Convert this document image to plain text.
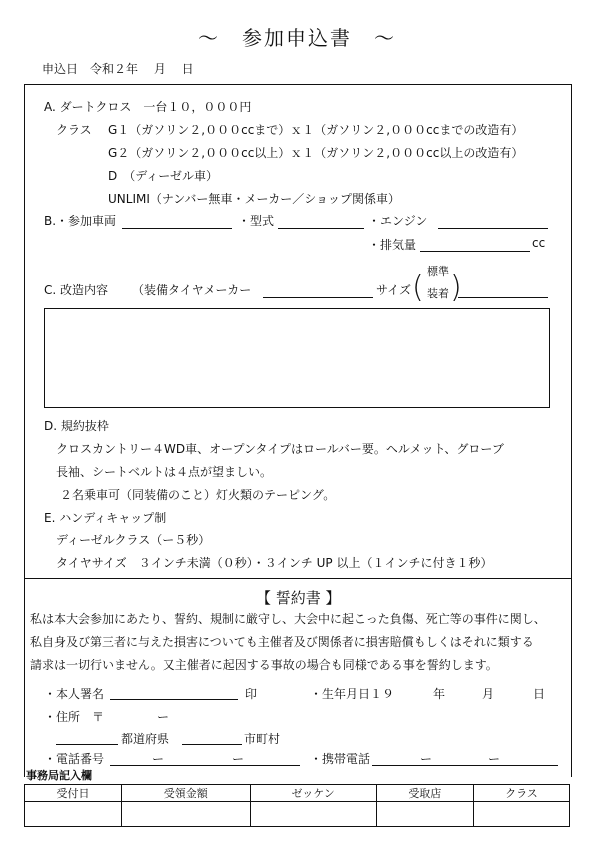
～　参加申込書　～
申込日　令和２年　 月　 日
A. ダートクロス　一台１０，０００円
クラス G１（ガソリン２,０００ccまで）ｘ１（ガソリン２,０００ccまでの改造有）
G２（ガソリン２,０００cc以上）ｘ１（ガソリン２,０００cc以上の改造有）
D　（ディーゼル車）
UNLIMI（ナンバー無車・メーカー／ショップ関係車）
B.・参加車両	・型式	・エンジン
・排気量	cc
C. 改造内容 （装備タイヤメーカー	サイズ ( 標準
装着 )
D. 規約抜枠
クロスカントリー４WD車、オープンタイプはロールバー要。ヘルメット、グローブ
長袖、シートベルトは４点が望ましい。
２名乗車可（同装備のこと）灯火類のテーピング。
E. ハンディキャップ制
ディーゼルクラス（ー５秒）
タイヤサイズ　３インチ未満（０秒）・３インチ UP 以上（１インチに付き１秒）
【 誓約書 】
私は本大会参加にあたり、誓約、規制に厳守し、大会中に起こった負傷、死亡等の事件に関し、
私自身及び第三者に与えた損害についても主催者及び関係者に損害賠償もしくはそれに類する
請求は一切行いません。又主催者に起因する事故の場合も同様である事を誓約します。
・本人署名	印	・生年月日１９	年	月	日
・住所　〒	ー
都道府県	市町村
・電話番号	ー	ー	・携帯電話	ー	ー
事務局記入欄
受付日	受領金額	ゼッケン	受取店	クラス
